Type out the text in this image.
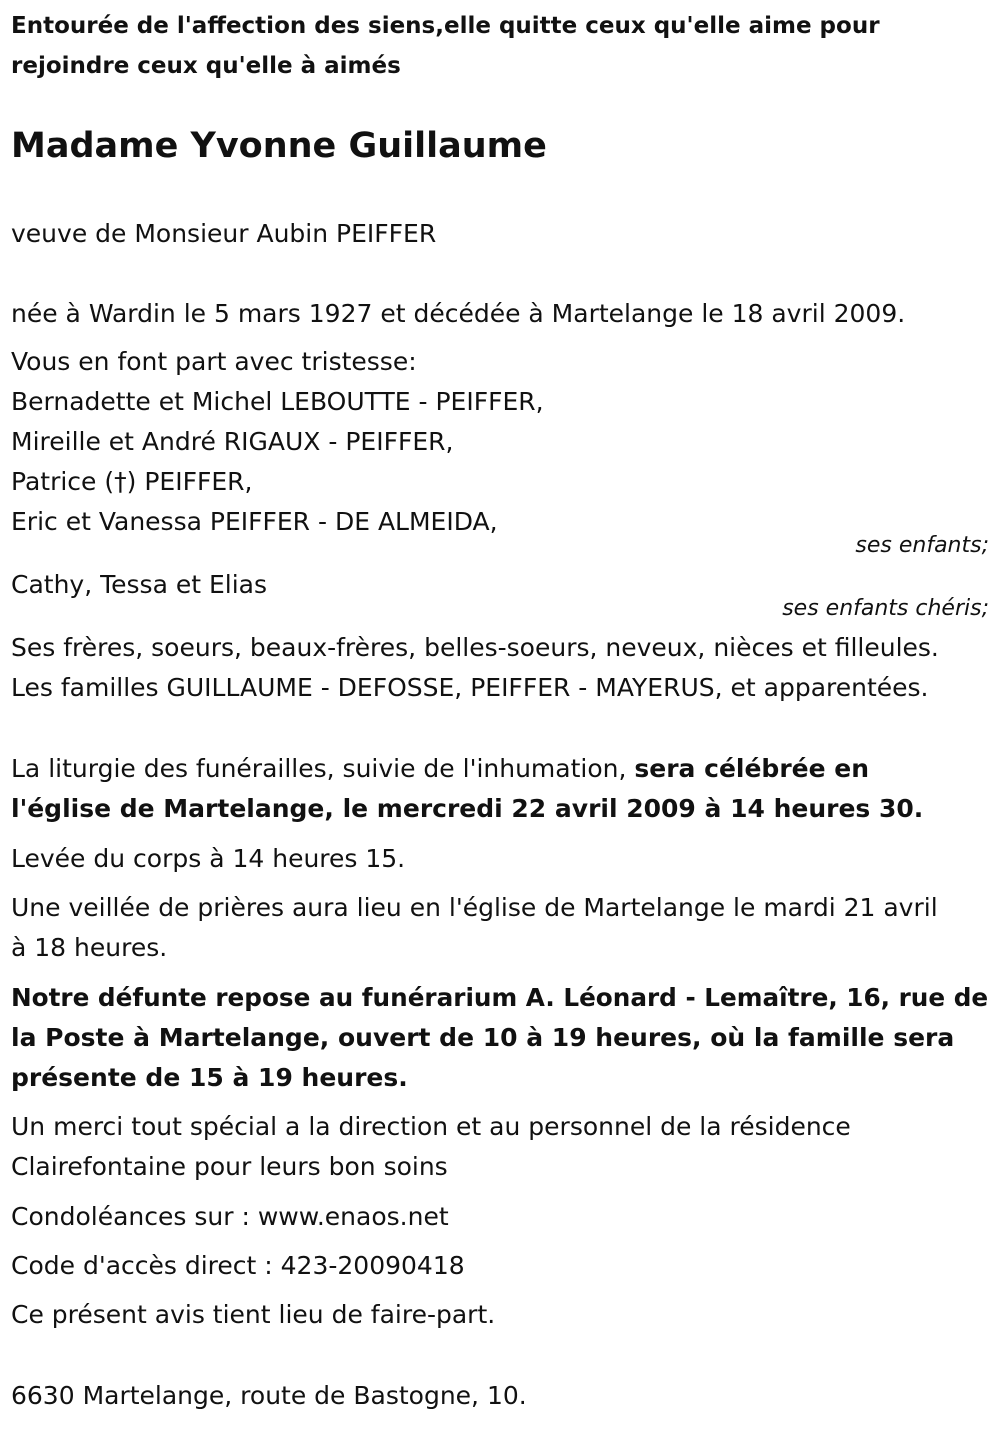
Entourée de l'affection des siens,elle quitte ceux qu'elle aime pour
rejoindre ceux qu'elle à aimés
Madame Yvonne Guillaume
veuve de Monsieur Aubin PEIFFER
née à Wardin le 5 mars 1927 et décédée à Martelange le 18 avril 2009.
Vous en font part avec tristesse:
Bernadette et Michel LEBOUTTE - PEIFFER,
Mireille et André RIGAUX - PEIFFER,
Patrice (†) PEIFFER,
Eric et Vanessa PEIFFER - DE ALMEIDA,
ses enfants;
Cathy, Tessa et Elias
ses enfants chéris;
Ses frères, soeurs, beaux-frères, belles-soeurs, neveux, nièces et filleules.
Les familles GUILLAUME - DEFOSSE, PEIFFER - MAYERUS, et apparentées.
La liturgie des funérailles, suivie de l'inhumation, sera célébrée en
l'église de Martelange, le mercredi 22 avril 2009 à 14 heures 30.
Levée du corps à 14 heures 15.
Une veillée de prières aura lieu en l'église de Martelange le mardi 21 avril
à 18 heures.
Notre défunte repose au funérarium A. Léonard - Lemaître, 16, rue de
la Poste à Martelange, ouvert de 10 à 19 heures, où la famille sera
présente de 15 à 19 heures.
Un merci tout spécial a la direction et au personnel de la résidence
Clairefontaine pour leurs bon soins
Condoléances sur : www.enaos.net
Code d'accès direct : 423-20090418
Ce présent avis tient lieu de faire-part.
6630 Martelange, route de Bastogne, 10.
